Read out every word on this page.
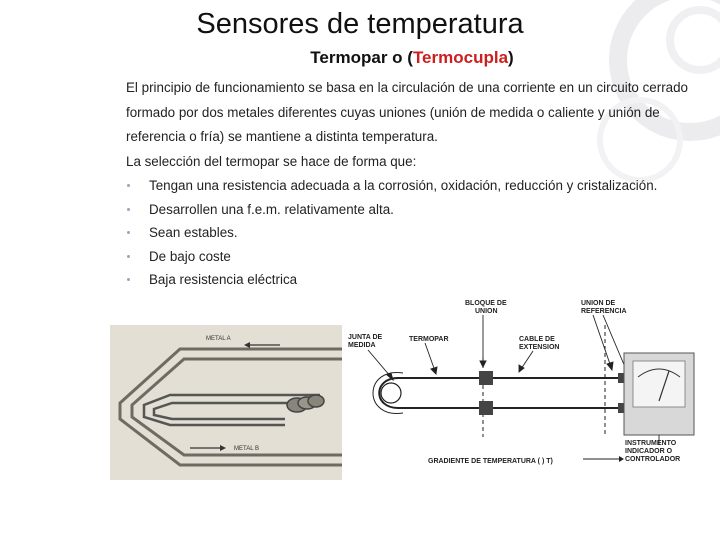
Sensores de temperatura
Termopar o (Termocupla)

El principio de funcionamiento se basa en la circulación de una corriente en un circuito cerrado formado por dos metales diferentes cuyas uniones (unión de medida o caliente y unión de referencia o fría) se mantiene a distinta temperatura.

La selección del termopar se hace de forma que:

Tengan una resistencia adecuada a la corrosión, oxidación, reducción y cristalización.
Desarrollen una f.e.m. relativamente alta.
Sean estables.
De bajo coste
Baja resistencia eléctrica
METAL A
METAL B
BLOQUE DE
UNION
UNION DE
REFERENCIA
JUNTA DE
MEDIDA
TERMOPAR	CABLE DE
EXTENSION
INSTRUMENTO
INDICADOR O
CONTROLADOR
GRADIENTE DE TEMPERATURA ( ) T)
